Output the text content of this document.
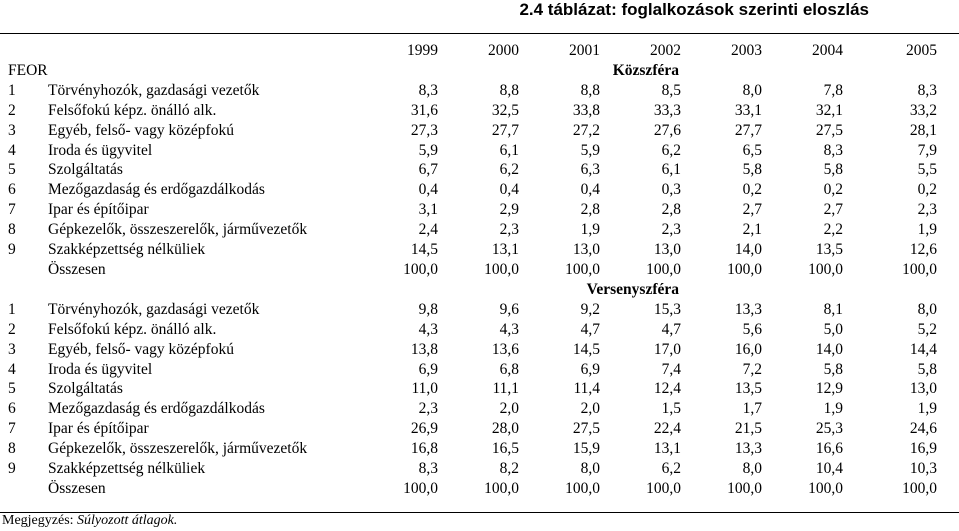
2.4 táblázat: foglalkozások szerinti eloszlás
		1999	2000	2001	2002	2003	2004	2005
FEOR		Közszféra			
1	Törvényhozók, gazdasági vezetők	8,3	8,8	8,8	8,5	8,0	7,8	8,3
2	Felsőfokú képz. önálló alk.	31,6	32,5	33,8	33,3	33,1	32,1	33,2
3	Egyéb, felső- vagy középfokú	27,3	27,7	27,2	27,6	27,7	27,5	28,1
4	Iroda és ügyvitel	5,9	6,1	5,9	6,2	6,5	8,3	7,9
5	Szolgáltatás	6,7	6,2	6,3	6,1	5,8	5,8	5,5
6	Mezőgazdaság és erdőgazdálkodás	0,4	0,4	0,4	0,3	0,2	0,2	0,2
7	Ipar és építőipar	3,1	2,9	2,8	2,8	2,7	2,7	2,3
8	Gépkezelők, összeszerelők, járművezetők	2,4	2,3	1,9	2,3	2,1	2,2	1,9
9	Szakképzettség nélküliek	14,5	13,1	13,0	13,0	14,0	13,5	12,6
	Összesen	100,0	100,0	100,0	100,0	100,0	100,0	100,0
		Versenyszféra			
1	Törvényhozók, gazdasági vezetők	9,8	9,6	9,2	15,3	13,3	8,1	8,0
2	Felsőfokú képz. önálló alk.	4,3	4,3	4,7	4,7	5,6	5,0	5,2
3	Egyéb, felső- vagy középfokú	13,8	13,6	14,5	17,0	16,0	14,0	14,4
4	Iroda és ügyvitel	6,9	6,8	6,9	7,4	7,2	5,8	5,8
5	Szolgáltatás	11,0	11,1	11,4	12,4	13,5	12,9	13,0
6	Mezőgazdaság és erdőgazdálkodás	2,3	2,0	2,0	1,5	1,7	1,9	1,9
7	Ipar és építőipar	26,9	28,0	27,5	22,4	21,5	25,3	24,6
8	Gépkezelők, összeszerelők, járművezetők	16,8	16,5	15,9	13,1	13,3	16,6	16,9
9	Szakképzettség nélküliek	8,3	8,2	8,0	6,2	8,0	10,4	10,3
	Összesen	100,0	100,0	100,0	100,0	100,0	100,0	100,0
Megjegyzés: Súlyozott átlagok.
